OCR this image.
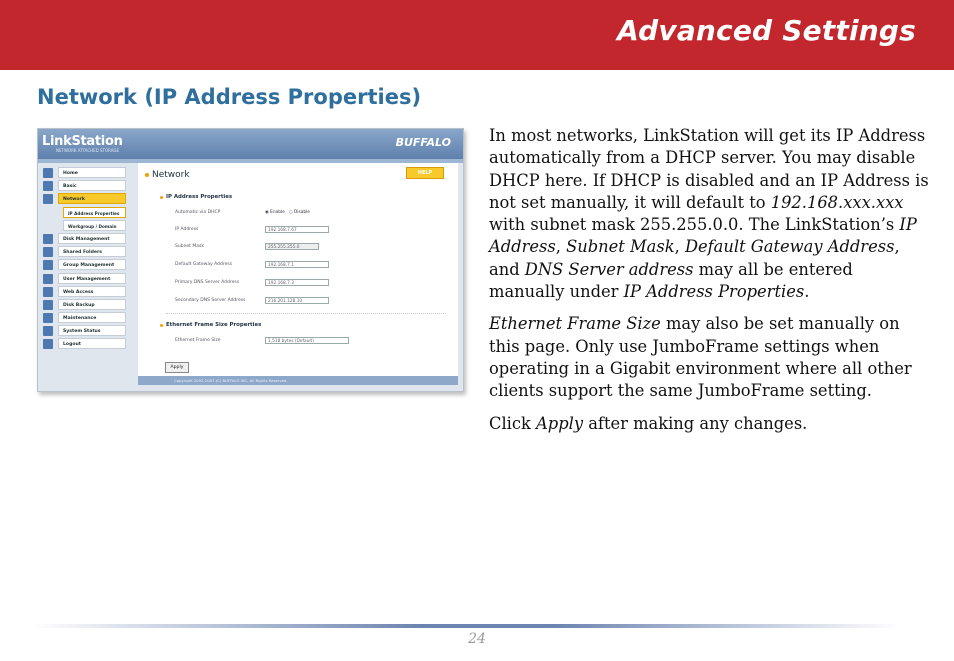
Advanced Settings
Network (IP Address Properties)
LinkStation
NETWORK ATTACHED STORAGE
BUFFALO
Home
Basic
Network
IP Address Properties
Workgroup / Domain
Disk Management
Shared Folders
Group Management
User Management
Web Access
Disk Backup
Maintenance
System Status
Logout
Network	HELP
IP Address Properties
Automatic via DHCP	◉ Enable ○ Disable
IP Address	192.168.7.67
Subnet Mask	255.255.255.0
Default Gateway Address	192.168.7.1
Primary DNS Server Address	192.168.7.3
Secondary DNS Server Address	216.201.128.10
Ethernet Frame Size Properties
Ethernet Frame Size	1,518 bytes (Default)
Apply
Copyright 2002-2007 (C) BUFFALO INC. All Rights Reserved.

In most networks, LinkStation will get its IP Address automatically from a DHCP server. You may disable DHCP here. If DHCP is disabled and an IP Address is not set manually, it will default to 192.168.xxx.xxx with subnet mask 255.255.0.0. The LinkStation’s IP Address, Subnet Mask, Default Gateway Address, and DNS Server address may all be entered manually under IP Address Properties.

Ethernet Frame Size may also be set manually on this page. Only use JumboFrame settings when operating in a Gigabit environment where all other clients support the same JumboFrame setting.

Click Apply after making any changes.

24
